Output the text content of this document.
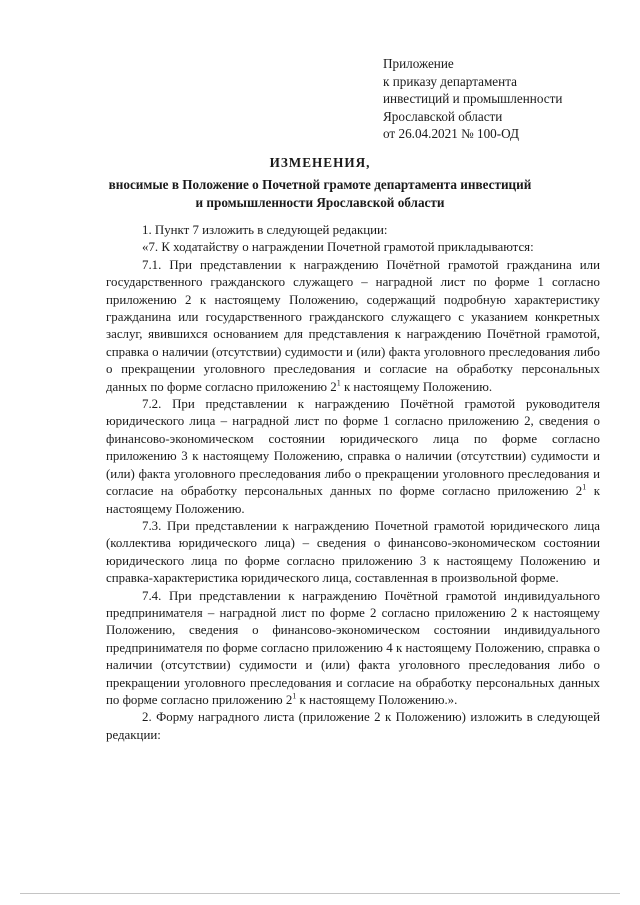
Приложение
к приказу департамента
инвестиций и промышленности
Ярославской области
от 26.04.2021 № 100-ОД
ИЗМЕНЕНИЯ,
вносимые в Положение о Почетной грамоте департамента инвестиций
и промышленности Ярославской области

1. Пункт 7 изложить в следующей редакции:

«7. К ходатайству о награждении Почетной грамотой прикладываются:

7.1. При представлении к награждению Почётной грамотой гражданина или государственного гражданского служащего – наградной лист по форме 1 согласно приложению 2 к настоящему Положению, содержащий подробную характеристику гражданина или государственного гражданского служащего с указанием конкретных заслуг, явившихся основанием для представления к награждению Почётной грамотой, справка о наличии (отсутствии) судимости и (или) факта уголовного преследования либо о прекращении уголовного преследования и согласие на обработку персональных данных по форме согласно приложению $2^1$ к настоящему Положению.

7.2. При представлении к награждению Почётной грамотой руководителя юридического лица – наградной лист по форме 1 согласно приложению 2, сведения о финансово-экономическом состоянии юридического лица по форме согласно приложению 3 к настоящему Положению, справка о наличии (отсутствии) судимости и (или) факта уголовного преследования либо о прекращении уголовного преследования и согласие на обработку персональных данных по форме согласно приложению $2^1$ к настоящему Положению.

7.3. При представлении к награждению Почетной грамотой юридического лица (коллектива юридического лица) – сведения о финансово-экономическом состоянии юридического лица по форме согласно приложению 3 к настоящему Положению и справка-характеристика юридического лица, составленная в произвольной форме.

7.4. При представлении к награждению Почётной грамотой индивидуального предпринимателя – наградной лист по форме 2 согласно приложению 2 к настоящему Положению, сведения о финансово-экономическом состоянии индивидуального предпринимателя по форме согласно приложению 4 к настоящему Положению, справка о наличии (отсутствии) судимости и (или) факта уголовного преследования либо о прекращении уголовного преследования и согласие на обработку персональных данных по форме согласно приложению $2^1$ к настоящему Положению.».

2. Форму наградного листа (приложение 2 к Положению) изложить в следующей редакции:
